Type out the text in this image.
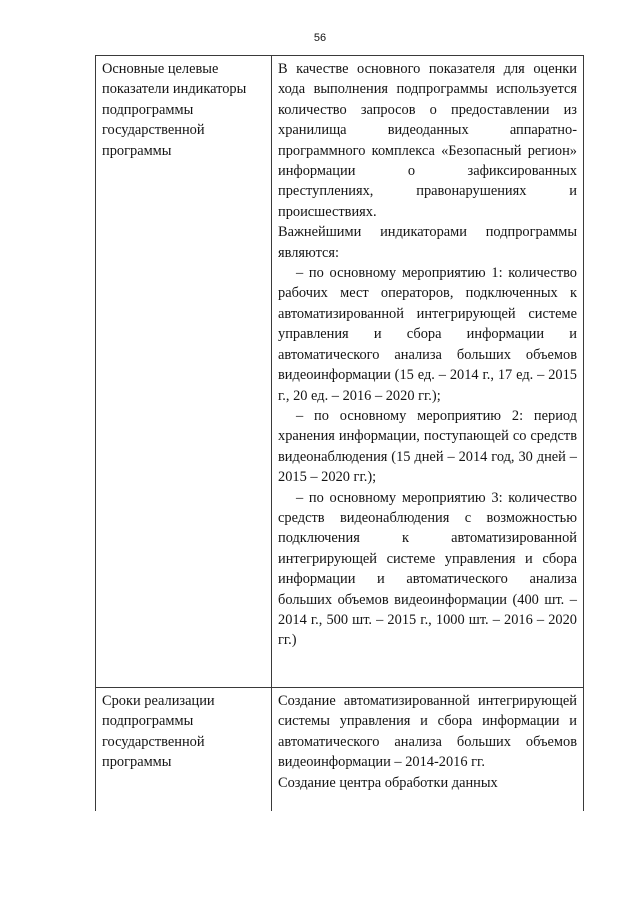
56
Основные целевые показатели индикаторы подпрограммы государственной программы	В качестве основного показателя для оценки хода выполнения подпрограммы используется количество запросов о предоставлении из хранилища видеоданных аппаратно-программного комплекса «Безопасный регион» информации о зафиксированных преступлениях, правонарушениях и происшествиях.

Важнейшими индикаторами подпрограммы являются:

– по основному мероприятию 1: количество рабочих мест операторов, подключенных к автоматизированной интегрирующей системе управления и сбора информации и автоматического анализа больших объемов видеоинформации (15 ед. – 2014 г., 17 ед. – 2015 г., 20 ед. – 2016 – 2020 гг.);

– по основному мероприятию 2: период хранения информации, поступающей со средств видеонаблюдения (15 дней – 2014 год, 30 дней – 2015 – 2020 гг.);

– по основному мероприятию 3: количество средств видеонаблюдения с возможностью подключения к автоматизированной интегрирующей системе управления и сбора информации и автоматического анализа больших объемов видеоинформации (400 шт. – 2014 г., 500 шт. – 2015 г., 1000 шт. – 2016 – 2020 гг.)

Сроки реализации подпрограммы государственной программы	Создание автоматизированной интегрирующей системы управления и сбора информации и автоматического анализа больших объемов видеоинформации – 2014-2016 гг.

Создание центра обработки данных
